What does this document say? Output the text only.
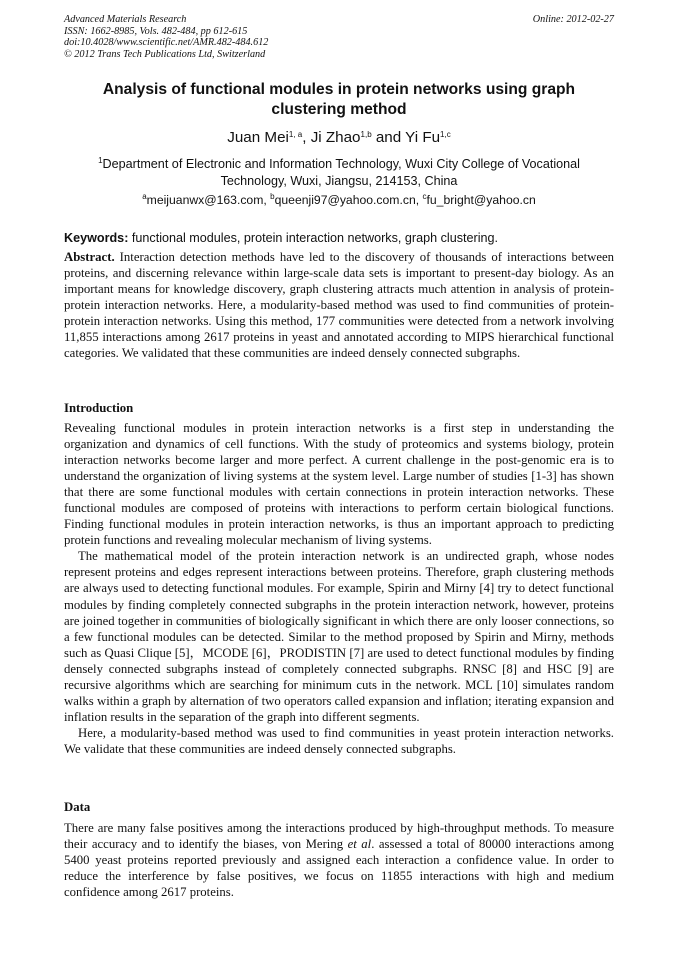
Advanced Materials Research
ISSN: 1662-8985, Vols. 482-484, pp 612-615
doi:10.4028/www.scientific.net/AMR.482-484.612
© 2012 Trans Tech Publications Ltd, Switzerland
Online: 2012-02-27
Analysis of functional modules in protein networks using graph clustering method
Juan Mei$^{1, a}$, Ji Zhao$^{1,b}$ and Yi Fu$^{1,c}$
$^1$Department of Electronic and Information Technology, Wuxi City College of Vocational Technology, Wuxi, Jiangsu, 214153, China
$^a$meijuanwx@163.com, $^b$queenji97@yahoo.com.cn, $^c$fu_bright@yahoo.cn
Keywords: functional modules, protein interaction networks, graph clustering.

Abstract. Interaction detection methods have led to the discovery of thousands of interactions between proteins, and discerning relevance within large-scale data sets is important to present-day biology. As an important means for knowledge discovery, graph clustering attracts much attention in analysis of protein-protein interaction networks. Here, a modularity-based method was used to find communities of protein-protein interaction networks. Using this method, 177 communities were detected from a network involving 11,855 interactions among 2617 proteins in yeast and annotated according to MIPS hierarchical functional categories. We validated that these communities are indeed densely connected subgraphs.

Introduction

Revealing functional modules in protein interaction networks is a first step in understanding the organization and dynamics of cell functions. With the study of proteomics and systems biology, protein interaction networks become larger and more perfect. A current challenge in the post-genomic era is to understand the organization of living systems at the system level. Large number of studies [1-3] has shown that there are some functional modules with certain connections in protein interaction networks. These functional modules are composed of proteins with interactions to perform certain biological functions. Finding functional modules in protein interaction networks, is thus an important approach to predicting protein functions and revealing molecular mechanism of living systems.

The mathematical model of the protein interaction network is an undirected graph, whose nodes represent proteins and edges represent interactions between proteins. Therefore, graph clustering methods are always used to detecting functional modules. For example, Spirin and Mirny [4] try to detect functional modules by finding completely connected subgraphs in the protein interaction network, however, proteins are joined together in communities of biologically significant in which there are only looser connections, so a few functional modules can be detected. Similar to the method proposed by Spirin and Mirny, methods such as Quasi Clique [5]，MCODE [6]，PRODISTIN [7] are used to detect functional modules by finding densely connected subgraphs instead of completely connected subgraphs. RNSC [8] and HSC [9] are recursive algorithms which are searching for minimum cuts in the network. MCL [10] simulates random walks within a graph by alternation of two operators called expansion and inflation; iterating expansion and inflation results in the separation of the graph into different segments.

Here, a modularity-based method was used to find communities in yeast protein interaction networks. We validate that these communities are indeed densely connected subgraphs.

Data

There are many false positives among the interactions produced by high-throughput methods. To measure their accuracy and to identify the biases, von Mering et al. assessed a total of 80000 interactions among 5400 yeast proteins reported previously and assigned each interaction a confidence value. In order to reduce the interference by false positives, we focus on 11855 interactions with high and medium confidence among 2617 proteins.
